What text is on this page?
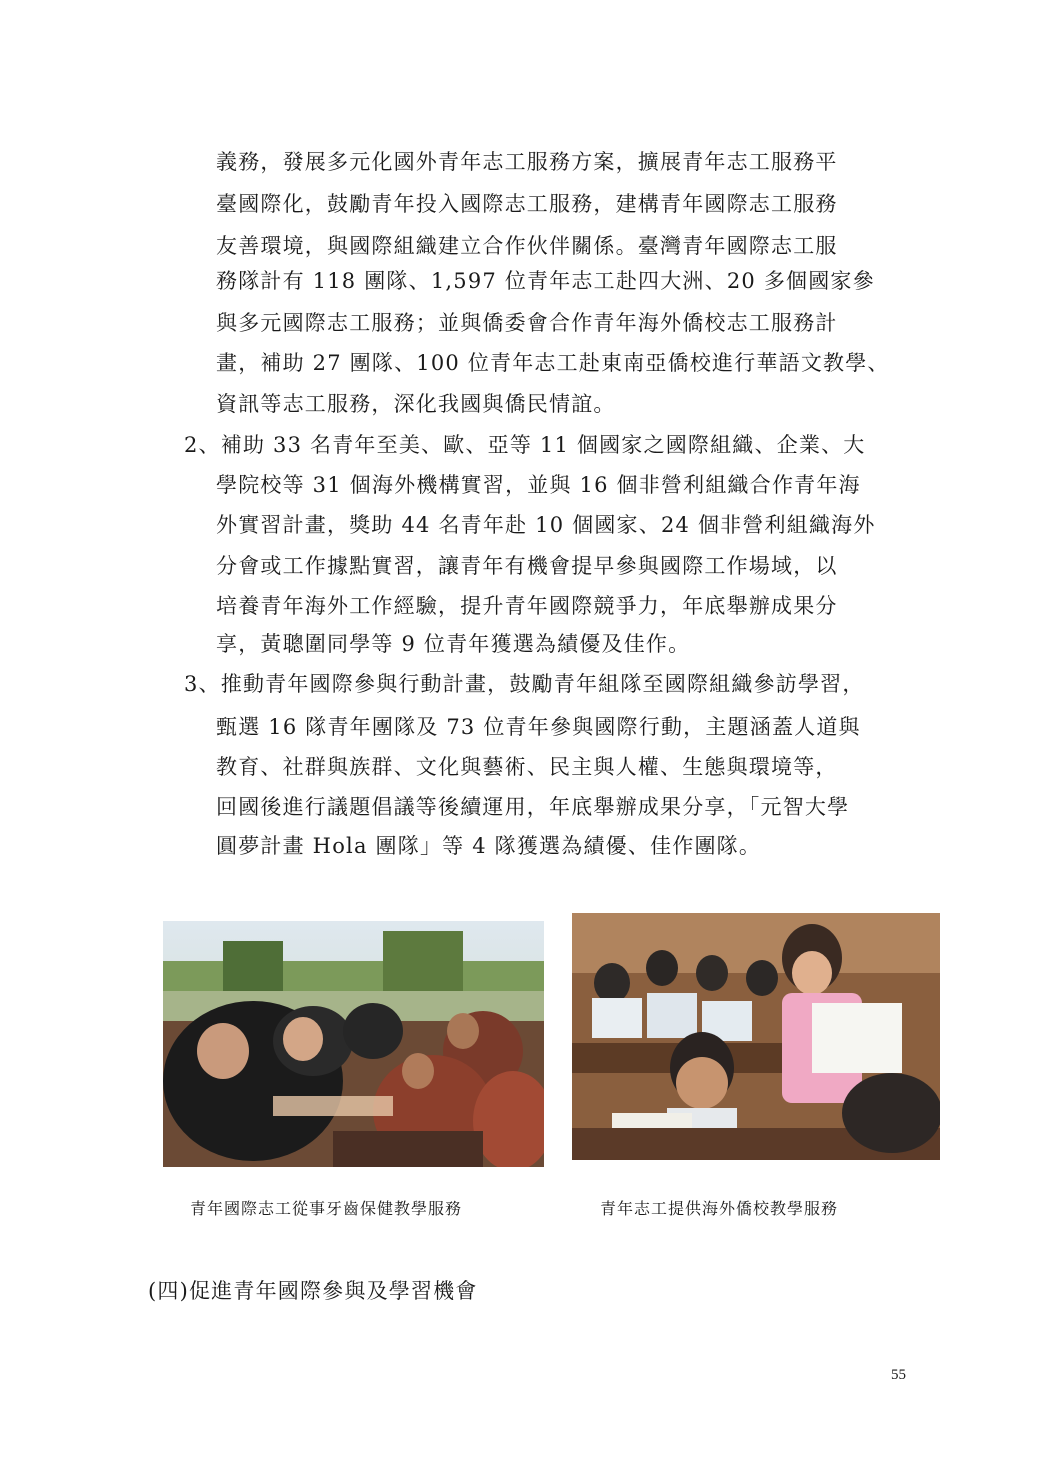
義務，發展多元化國外青年志工服務方案，擴展青年志工服務平
臺國際化，鼓勵青年投入國際志工服務，建構青年國際志工服務
友善環境，與國際組織建立合作伙伴關係。臺灣青年國際志工服
務隊計有 118 團隊、1,597 位青年志工赴四大洲、20 多個國家參
與多元國際志工服務；並與僑委會合作青年海外僑校志工服務計
畫，補助 27 團隊、100 位青年志工赴東南亞僑校進行華語文教學、
資訊等志工服務，深化我國與僑民情誼。
2、補助 33 名青年至美、歐、亞等 11 個國家之國際組織、企業、大
學院校等 31 個海外機構實習，並與 16 個非營利組織合作青年海
外實習計畫，獎助 44 名青年赴 10 個國家、24 個非營利組織海外
分會或工作據點實習，讓青年有機會提早參與國際工作場域，以
培養青年海外工作經驗，提升青年國際競爭力，年底舉辦成果分
享，黃聰圍同學等 9 位青年獲選為績優及佳作。
3、推動青年國際參與行動計畫，鼓勵青年組隊至國際組織參訪學習，
甄選 16 隊青年團隊及 73 位青年參與國際行動，主題涵蓋人道與
教育、社群與族群、文化與藝術、民主與人權、生態與環境等，
回國後進行議題倡議等後續運用，年底舉辦成果分享，「元智大學
圓夢計畫 Hola 團隊」等 4 隊獲選為績優、佳作團隊。
青年國際志工從事牙齒保健教學服務	青年志工提供海外僑校教學服務
(四)促進青年國際參與及學習機會
55
